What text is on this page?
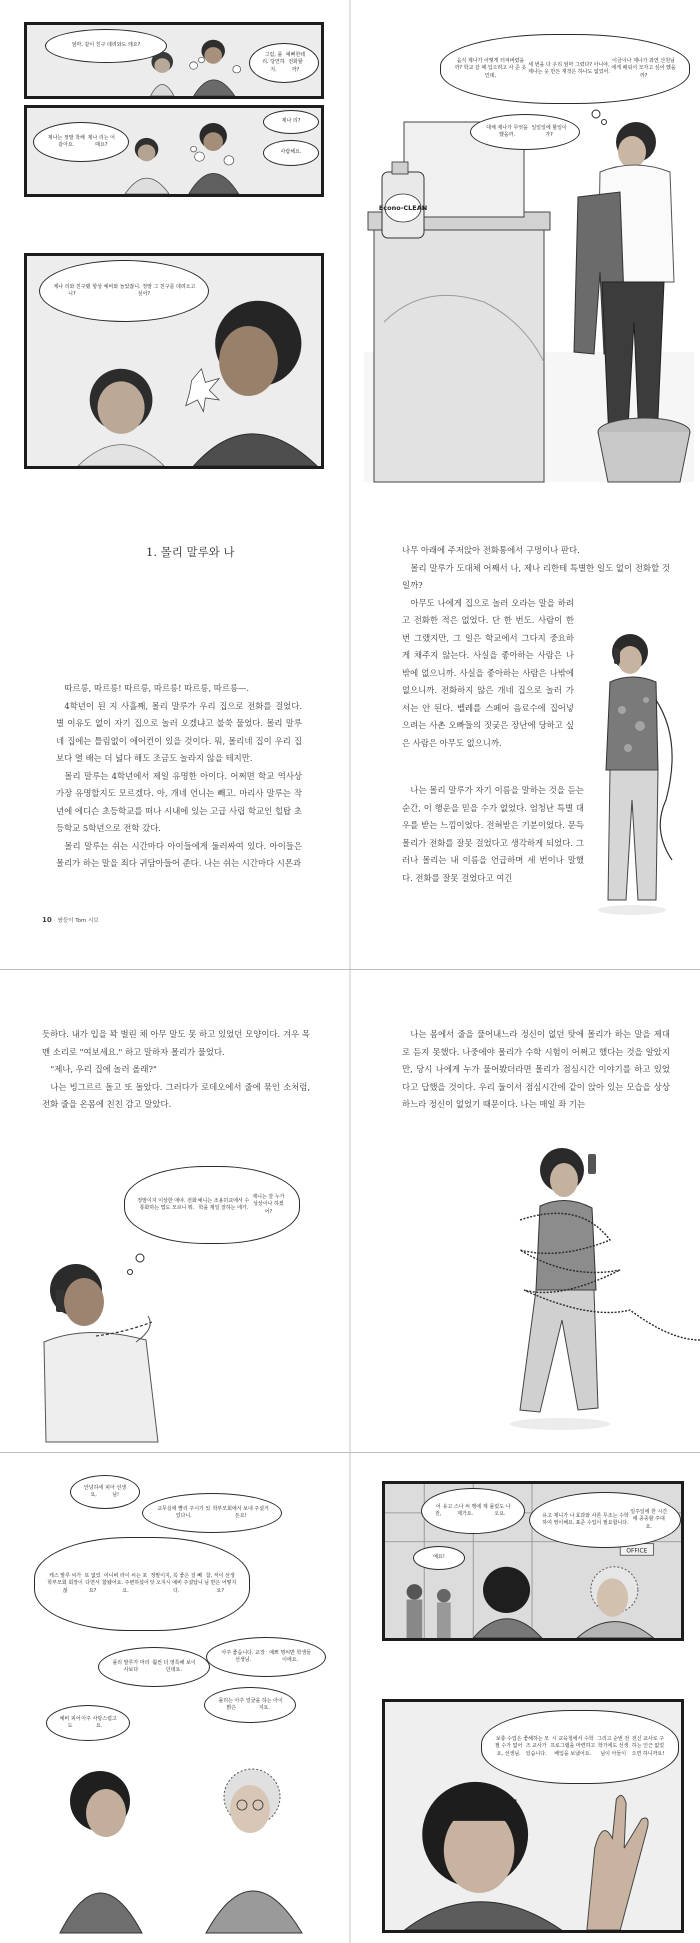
엄마, 같이 친구 데려와도 돼요?
그럼, 몰리. 당연하지.
예뻐한테 전화할까?
제나 리?
제나는 정말 착해 같아요.
제나 리는 어때요?
사람해요.
제나 리와 친구랬니?
항상 예비와 놀았잖니. 정말 그 친구를 데려오고 싶어?
Econo-CLEAN
음식 제나가 어떻게 터져버렸을까? 학교 갈 때 입으려고 사 준 옷인데,
세 번을 다 우리 엄마 그렸다? 아니야, 제나는 옷 만든 재것은 하나도 없었어.
이금이나 제나가 과연 산원님에게 배워서 모자고 싶어 했을까?
대체 제나가 무엇을 했을까.
일일일에 할일이 가?
1. 몰리 말루와 나

따르릉, 따르릉! 따르릉, 따르릉! 따르릉, 따르릉—.

4학년이 된 지 사흘째, 몰리 말루가 우리 집으로 전화를 걸었다. 별 이유도 없이 자기 집으로 놀러 오겠냐고 불쑥 물었다. 몰리 말루네 집에는 틀림없이 에어컨이 있을 것이다. 뭐, 몰리네 집이 우리 집보다 열 배는 더 넓다 해도 조금도 놀라지 않을 테지만.

몰리 말루는 4학년에서 제일 유명한 아이다. 어쩌면 학교 역사상 가장 유명할지도 모르겠다. 아, 개네 언니는 빼고. 마리사 말루는 작년에 에디슨 초등학교를 떠나 시내에 있는 고급 사립 학교인 힐탑 초등학교 5학년으로 전학 갔다.

몰리 말루는 쉬는 시간마다 아이들에게 둘러싸여 있다. 아이들은 몰리가 하는 말을 죄다 귀담아들어 준다. 나는 쉬는 시간마다 시몬과

10 쌍둥이 Tom 시브

나무 아래에 주저앉아 전화통에서 구멍이나 판다.

몰리 말루가 도대체 어째서 나, 제나 리한테 특별한 일도 없이 전화할 것일까?

아무도 나에게 집으로 놀러 오라는 말을 하려고 전화한 적은 없었다. 단 한 번도. 사람이 한 번 그랬지만, 그 일은 학교에서 그다지 중요하게 채주지 않는다. 사실을 좋아하는 사람은 나밖에 없으니까. 사실을 좋아하는 사람은 나밖에 없으니까. 전화하지 않은 개네 집으로 놀러 가서는 안 된다. 벨레를 스페어 음료수에 집어넣으려는 사촌 오빠들의 짓궂은 장난에 당하고 싶은 사람은 아무도 없으니까.

나는 몰리 말루가 자기 이름을 말하는 것을 듣는 순간, 이 행운을 믿을 수가 없었다. 엄청난 특별 대우를 받는 느낌이었다. 전혀받은 기분이었다. 문득 몰리가 전화를 잘못 걸었다고 생각하게 되었다. 그러나 몰리는 내 이름을 언급하며 세 번이나 말했다. 전화를 잘못 걸었다고 여긴

듯하다. 내가 입을 꽉 벌린 채 아무 말도 못 하고 있었던 모양이다. 겨우 목멘 소리로 "여보세요." 하고 말하자 몰리가 물었다.

"제나, 우리 집에 놀러 올래?"

나는 빙그르르 돌고 또 돌았다. 그러다가 로데오에서 줄에 묶인 소처럼, 전화 줄을 온몸에 친친 감고 말았다.

정말이지 이상한 애야. 전화 통화하는 법도 모르니 뭐.
예니는 조용히교에서 수학을 제일 잘하는 애가.
제니는 잘 누가 상상이나 하겠어?

나는 몸에서 줄을 풀어내느라 정신이 없던 탓에 몰리가 하는 말을 제대로 듣지 못했다. 나중에야 몰리가 수학 시험이 어쩌고 했다는 것을 알았지만, 당시 나에게 누가 물어봤더라면 몰리가 점심시간 이야기를 하고 있었다고 답했을 것이다. 우리 둘이서 점심시간에 같이 앉아 있는 모습을 상상하느라 정신이 없었기 때문이다. 나는 매일 좌 기는

안녕하세요,
피아 선생님!
교무실에 빨리 주시가 있었다니.
학부모회에서 보내 주셨거든요!
캐스 말루 씨가 학부모회 회장이잖
또 없었다면서요?
어니버 라이 씨는 포함됐어요. 주변하셨어요.
정말이지, 꼭 좋은 걸 빼앗 오지시 예비 주셨답니다.
참, 저이 선생님 반은 어떻지요?
아주 좋습니다. 교장 선생님.
예쁘 명씨반 학생들이에요.
몰리 말루가 마리사보다
훨씬 더 영특해 보이던데요.
몰리는 아주 밝은
얼굴을 하는 아이지요.
예비 피어도
아주 사랑스럽고요.
OFFICE
어전,
유고 스나 씨 맹에 제제가요.
몰렀도 나오요.	유고 제니가 나하여 영이해요.
효과와 사론 무조는 수학 표준 수업이 필요합니다.
일주일에 한 시간에 종종할 주대요.
예요!
보충 수업은 필 수가 없어요, 선생님.
좋해하는 모즈 교사가 있습니다.
시 교육청에서 수학 프로그램을 마련하고 배입을 보냈어요.
그리고 순번 전 학기에도 선생님이 아들이
전신 교사로 구하는 인근 없었으면 하니까요!
